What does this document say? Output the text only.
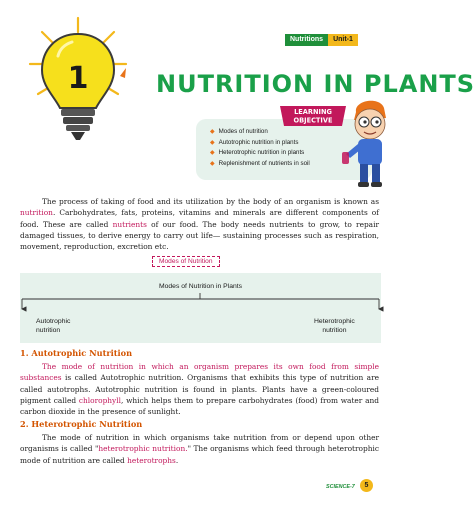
Nutritions	Unit-1
1	NUTRITION IN PLANTS
LEARNING
OBJECTIVE
◆ Modes of nutrition
◆ Autotrophic nutrition in plants
◆ Heterotrophic nutrition in plants
◆ Replenishment of nutrients in soil
The process of taking of food and its utilization by the body of an organism is known as nutrition. Carbohydrates, fats, proteins, vitamins and minerals are different components of food. These are called nutrients of our food. The body needs nutrients to grow, to repair damaged tissues, to derive energy to carry out life— sustaining processes such as respiration, movement, reproduction, excretion etc.
Modes of Nutrition in Plants
Autotrophic
nutrition
Heterotrophic
nutrition
Modes of Nutrition
1. Autotrophic Nutrition
The mode of nutrition in which an organism prepares its own food from simple substances is called Autotrophic nutrition. Organisms that exhibits this type of nutrition are called autotrophs. Autotrophic nutrition is found in plants. Plants have a green-coloured pigment called chlorophyll, which helps them to prepare carbohydrates (food) from water and carbon dioxide in the presence of sunlight.
2. Heterotrophic Nutrition
The mode of nutrition in which organisms take nutrition from or depend upon other organisms is called "heterotrophic nutrition." The organisms which feed through heterotrophic mode of nutrition are called heterotrophs.
SCIENCE-7	5
